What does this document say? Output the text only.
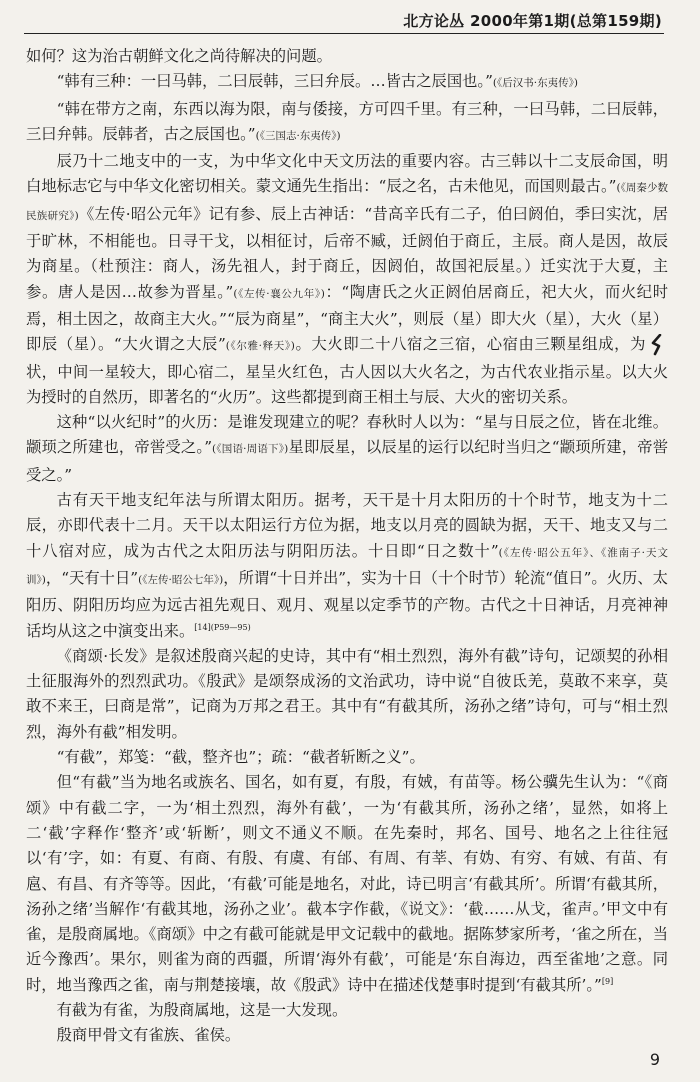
北方论丛 2000年第1期(总第159期)

如何？这为治古朝鲜文化之尚待解决的问题。

“韩有三种：一曰马韩，二曰辰韩，三曰弁辰。…皆古之辰国也。”(《后汉书·东夷传》)

“韩在带方之南，东西以海为限，南与倭接，方可四千里。有三种，一曰马韩，二曰辰韩，三曰弁韩。辰韩者，古之辰国也。”(《三国志·东夷传》)

辰乃十二地支中的一支，为中华文化中天文历法的重要内容。古三韩以十二支辰命国，明白地标志它与中华文化密切相关。蒙文通先生指出：“辰之名，古未他见，而国则最古。”(《周秦少数民族研究》)《左传·昭公元年》记有参、辰上古神话：“昔高辛氏有二子，伯曰阏伯，季曰实沈，居于旷林，不相能也。日寻干戈，以相征讨，后帝不臧，迁阏伯于商丘，主辰。商人是因，故辰为商星。（杜预注：商人，汤先祖人，封于商丘，因阏伯，故国祀辰星。）迁实沈于大夏，主参。唐人是因…故参为晋星。”(《左传·襄公九年》)：“陶唐氏之火正阏伯居商丘，祀大火，而火纪时焉，相土因之，故商主大火。”“辰为商星”，“商主大火”，则辰（星）即大火（星），大火（星）即辰（星）。“大火谓之大辰”(《尔雅·释天》)。大火即二十八宿之三宿，心宿由三颗星组成，为状，中间一星较大，即心宿二，星呈火红色，古人因以大火名之，为古代农业指示星。以大火为授时的自然历，即著名的“火历”。这些都提到商王相土与辰、大火的密切关系。

这种“以火纪时”的火历：是谁发现建立的呢？春秋时人以为：“星与日辰之位，皆在北维。颛顼之所建也，帝喾受之。”(《国语·周语下》)星即辰星，以辰星的运行以纪时当归之“颛顼所建，帝喾受之。”

古有天干地支纪年法与所谓太阳历。据考，天干是十月太阳历的十个时节，地支为十二辰，亦即代表十二月。天干以太阳运行方位为据，地支以月亮的圆缺为据，天干、地支又与二十八宿对应，成为古代之太阳历法与阴阳历法。十日即“日之数十”(《左传·昭公五年》、《淮南子·天文训》)，“天有十日”(《左传·昭公七年》)，所谓“十日并出”，实为十日（十个时节）轮流“值日”。火历、太阳历、阴阳历均应为远古祖先观日、观月、观星以定季节的产物。古代之十日神话，月亮神神话均从这之中演变出来。$^{[14](P59—95)}$

《商颂·长发》是叙述殷商兴起的史诗，其中有“相土烈烈，海外有截”诗句，记颂契的孙相土征服海外的烈烈武功。《殷武》是颂祭成汤的文治武功，诗中说“自彼氐羌，莫敢不来享，莫敢不来王，曰商是常”，记商为万邦之君王。其中有“有截其所，汤孙之绪”诗句，可与“相土烈烈，海外有截”相发明。

“有截”，郑笺：“截，整齐也”；疏：“截者斩断之义”。

但“有截”当为地名或族名、国名，如有夏，有殷，有娀，有苗等。杨公骥先生认为：“《商颂》中有截二字，一为‘相土烈烈，海外有截’，一为‘有截其所，汤孙之绪’，显然，如将上二‘截’字释作‘整齐’或‘斩断’，则文不通义不顺。在先秦时，邦名、国号、地名之上往往冠以‘有’字，如：有夏、有商、有殷、有虞、有邰、有周、有莘、有妫、有穷、有娀、有苗、有扈、有昌、有齐等等。因此，‘有截’可能是地名，对此，诗已明言‘有截其所’。所谓‘有截其所，汤孙之绪’当解作‘有截其地，汤孙之业’。截本字作截，《说文》：‘截……从戈，雀声。’甲文中有雀，是殷商属地。《商颂》中之有截可能就是甲文记载中的截地。据陈梦家所考，‘雀之所在，当近今豫西’。果尔，则雀为商的西疆，所谓‘海外有截’，可能是‘东自海边，西至雀地’之意。同时，地当豫西之雀，南与荆楚接壤，故《殷武》诗中在描述伐楚事时提到‘有截其所’。”[9]

有截为有雀，为殷商属地，这是一大发现。

殷商甲骨文有雀族、雀侯。

9
